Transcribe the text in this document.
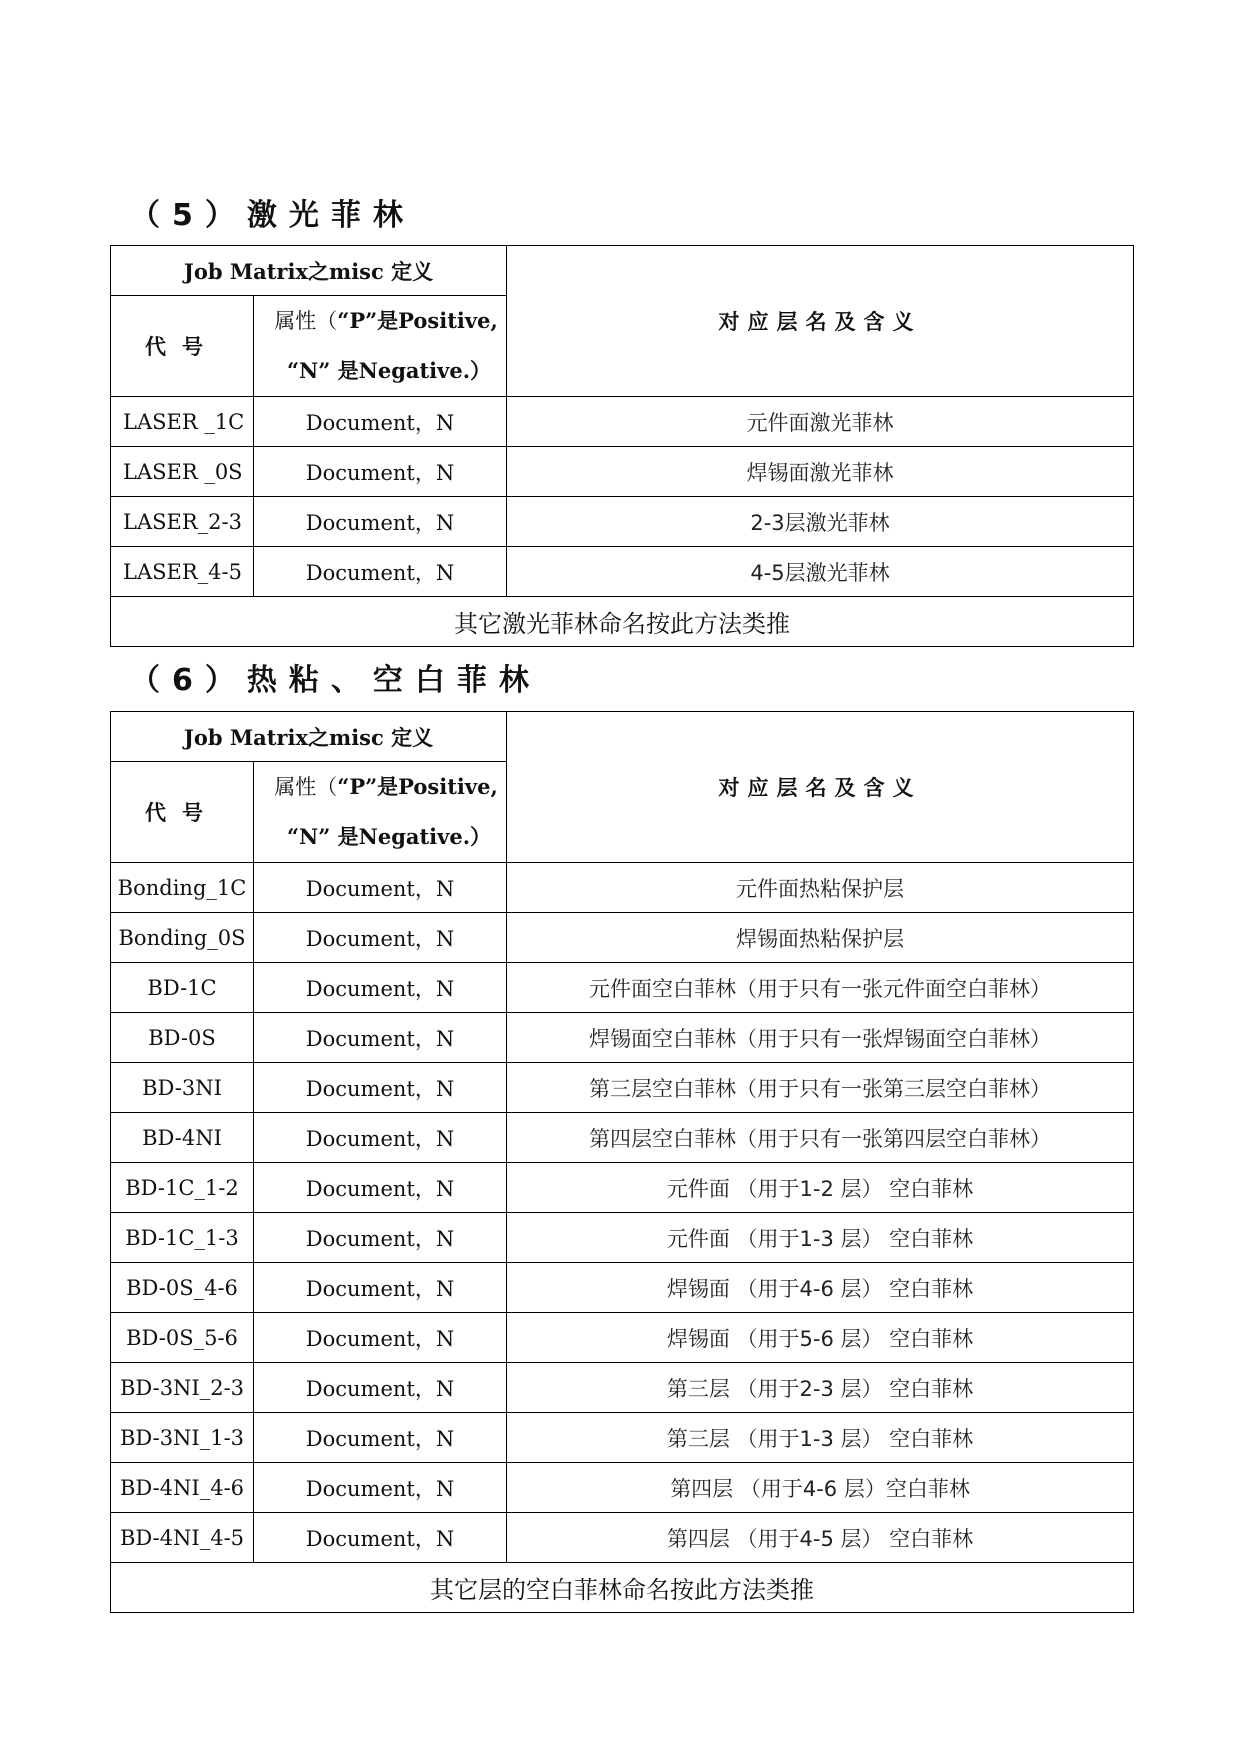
（5）激光菲林
Job Matrix之misc 定义		对应层名及含义
代号	属性（“P”是Positive,
“N” 是Negative.）	

LASER _1C	Document，N	元件面激光菲林
LASER _0S	Document，N	焊锡面激光菲林
LASER_2-3	Document，N	2-3层激光菲林
LASER_4-5	Document，N	4-5层激光菲林
其它激光菲林命名按此方法类推		
（6）热粘、空白菲林
Job Matrix之misc 定义		对应层名及含义
代号	属性（“P”是Positive,
“N” 是Negative.）	

Bonding_1C	Document，N	元件面热粘保护层
Bonding_0S	Document，N	焊锡面热粘保护层
BD-1C	Document，N	元件面空白菲林（用于只有一张元件面空白菲林）
BD-0S	Document，N	焊锡面空白菲林（用于只有一张焊锡面空白菲林）
BD-3NI	Document，N	第三层空白菲林（用于只有一张第三层空白菲林）
BD-4NI	Document，N	第四层空白菲林（用于只有一张第四层空白菲林）
BD-1C_1-2	Document，N	元件面 （用于1-2 层） 空白菲林
BD-1C_1-3	Document，N	元件面 （用于1-3 层） 空白菲林
BD-0S_4-6	Document，N	焊锡面 （用于4-6 层） 空白菲林
BD-0S_5-6	Document，N	焊锡面 （用于5-6 层） 空白菲林
BD-3NI_2-3	Document，N	第三层 （用于2-3 层） 空白菲林
BD-3NI_1-3	Document，N	第三层 （用于1-3 层） 空白菲林
BD-4NI_4-6	Document，N	第四层 （用于4-6 层）空白菲林
BD-4NI_4-5	Document，N	第四层 （用于4-5 层） 空白菲林
其它层的空白菲林命名按此方法类推		
